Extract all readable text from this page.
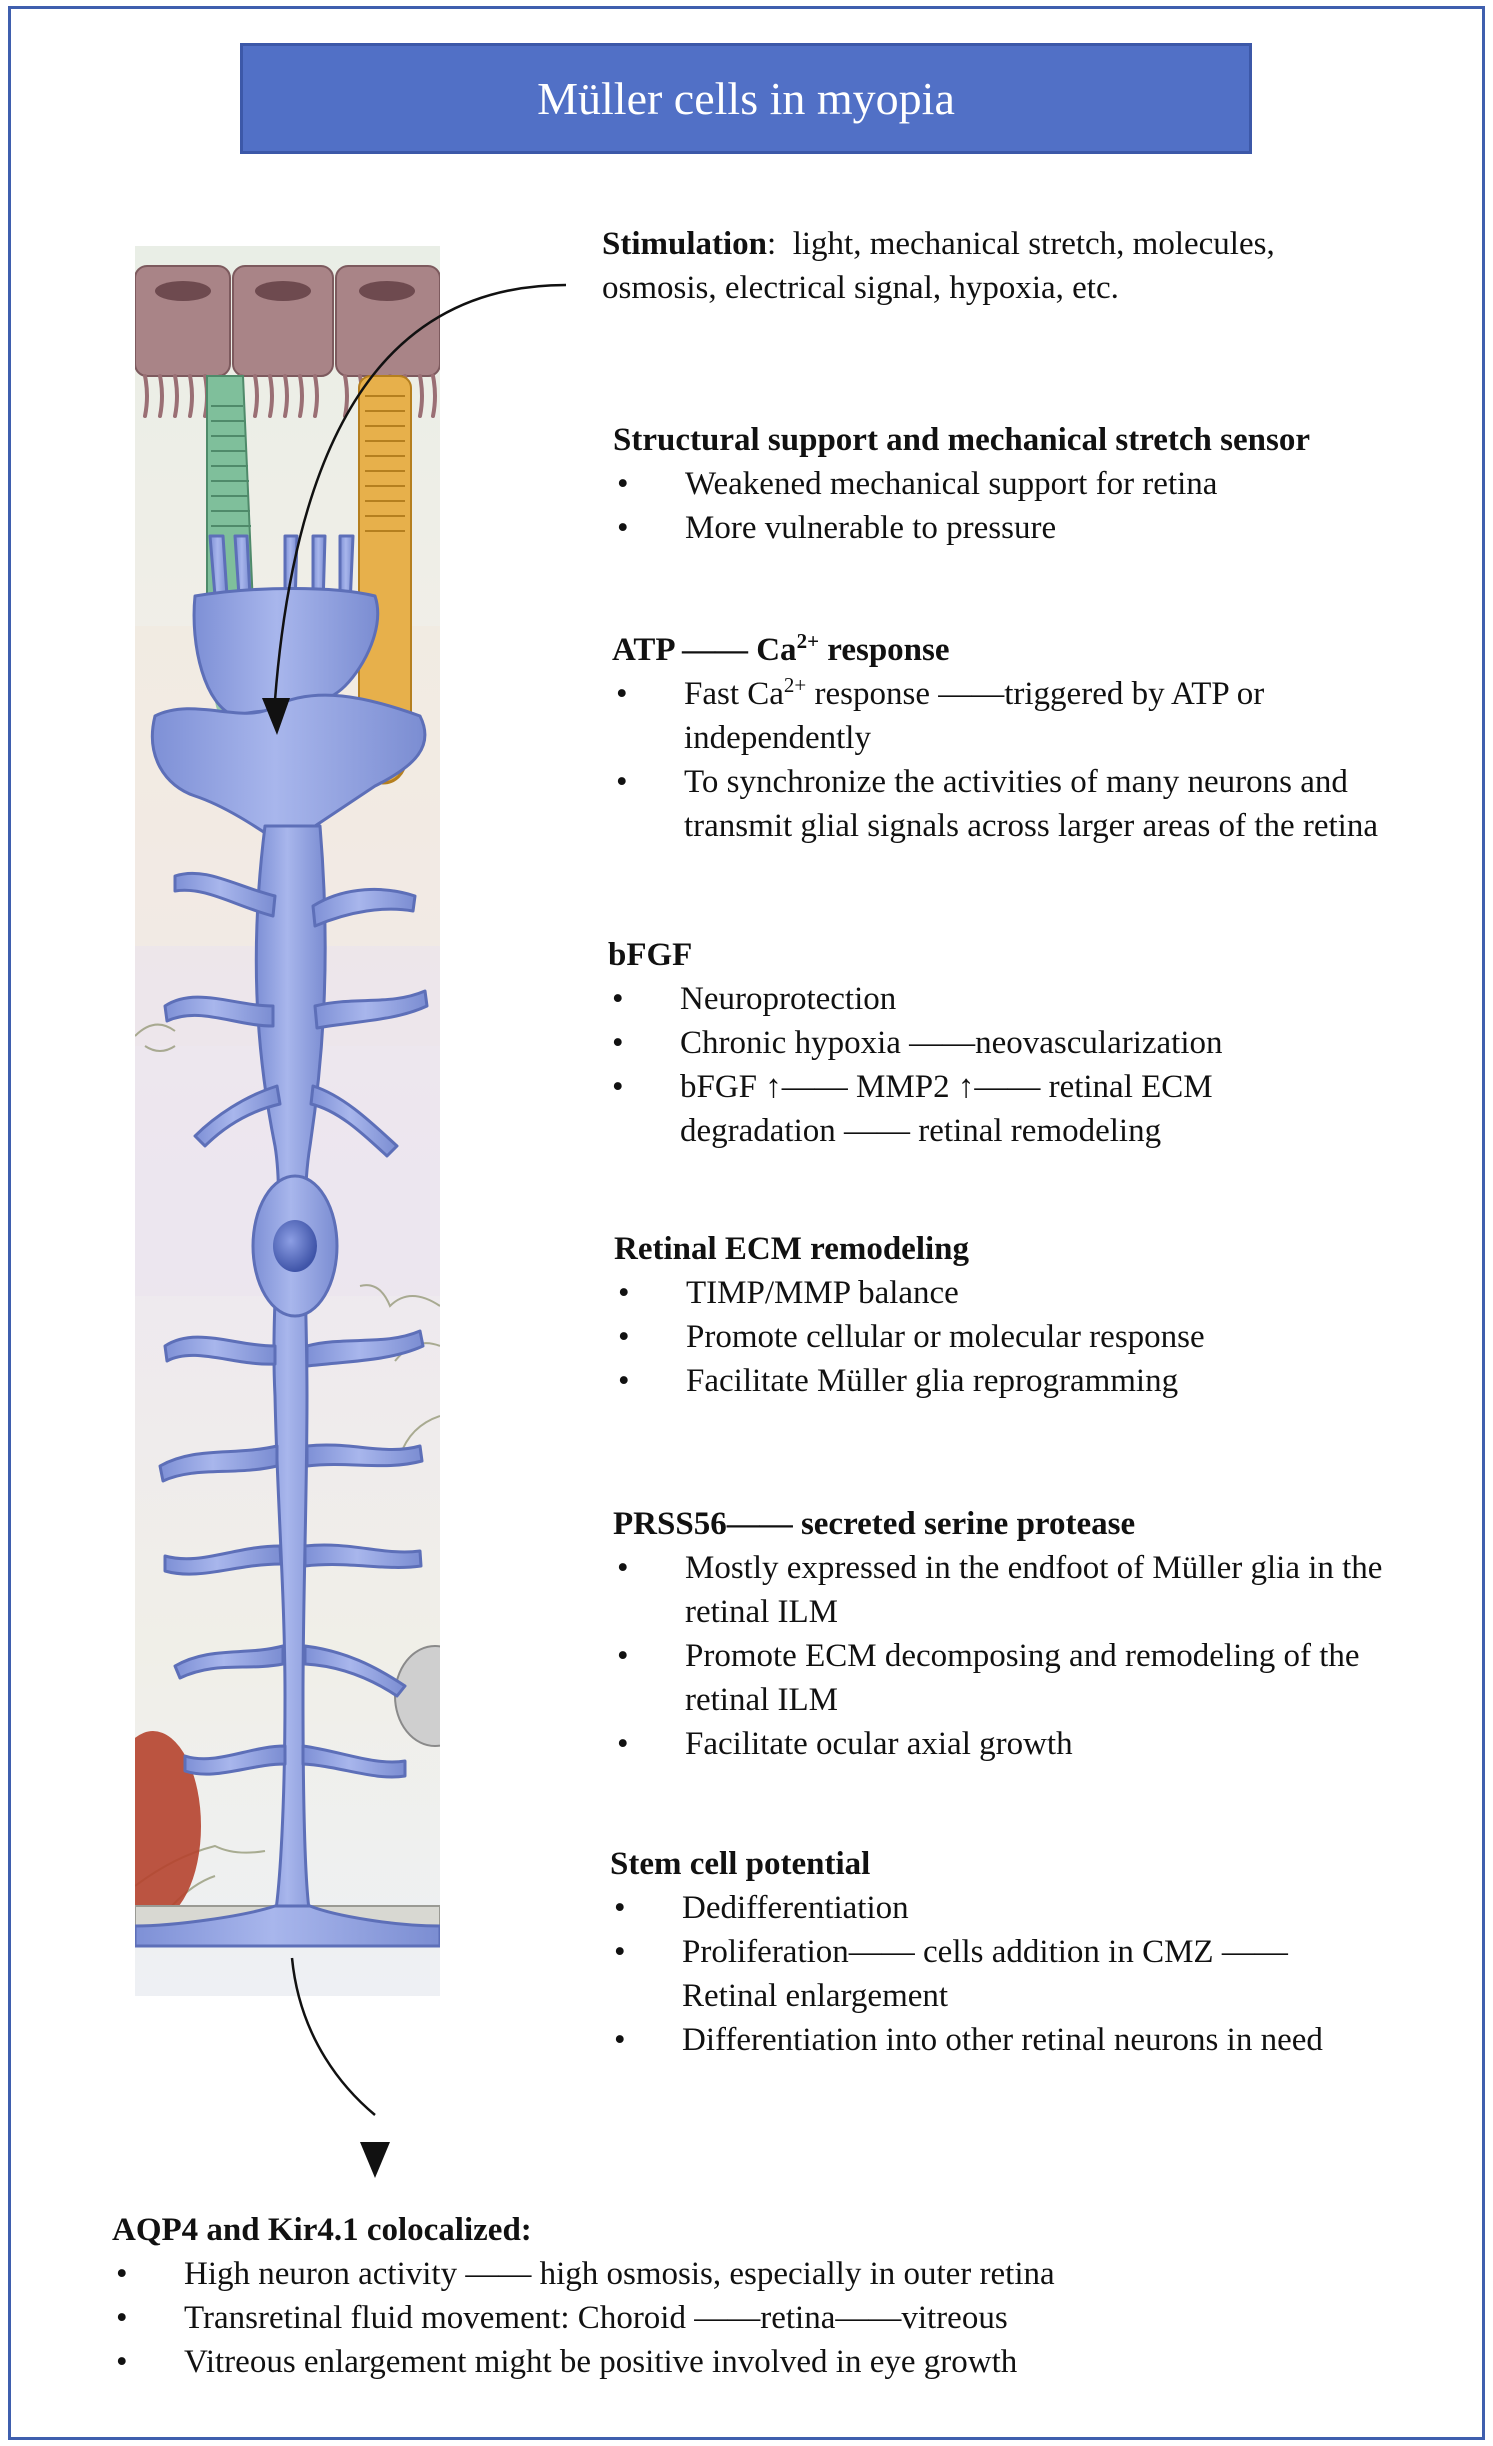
Müller cells in myopia
Stimulation: light, mechanical stretch, molecules, osmosis, electrical signal, hypoxia, etc.
Structural support and mechanical stretch sensor
• Weakened mechanical support for retina
• More vulnerable to pressure
ATP —— $Ca^{2+}$ response
• Fast $Ca^{2+}$ response ——triggered by ATP or independently
• To synchronize the activities of many neurons and transmit glial signals across larger areas of the retina
bFGF
• Neuroprotection
• Chronic hypoxia ——neovascularization
• bFGF ↑—— MMP2 ↑—— retinal ECM degradation —— retinal remodeling
Retinal ECM remodeling
• TIMP/MMP balance
• Promote cellular or molecular response
• Facilitate Müller glia reprogramming
PRSS56—— secreted serine protease
• Mostly expressed in the endfoot of Müller glia in the retinal ILM
• Promote ECM decomposing and remodeling of the retinal ILM
• Facilitate ocular axial growth
Stem cell potential
• Dedifferentiation
• Proliferation—— cells addition in CMZ ——Retinal enlargement
• Differentiation into other retinal neurons in need
AQP4 and Kir4.1 colocalized:
• High neuron activity —— high osmosis, especially in outer retina
• Transretinal fluid movement: Choroid ——retina——vitreous
• Vitreous enlargement might be positive involved in eye growth
